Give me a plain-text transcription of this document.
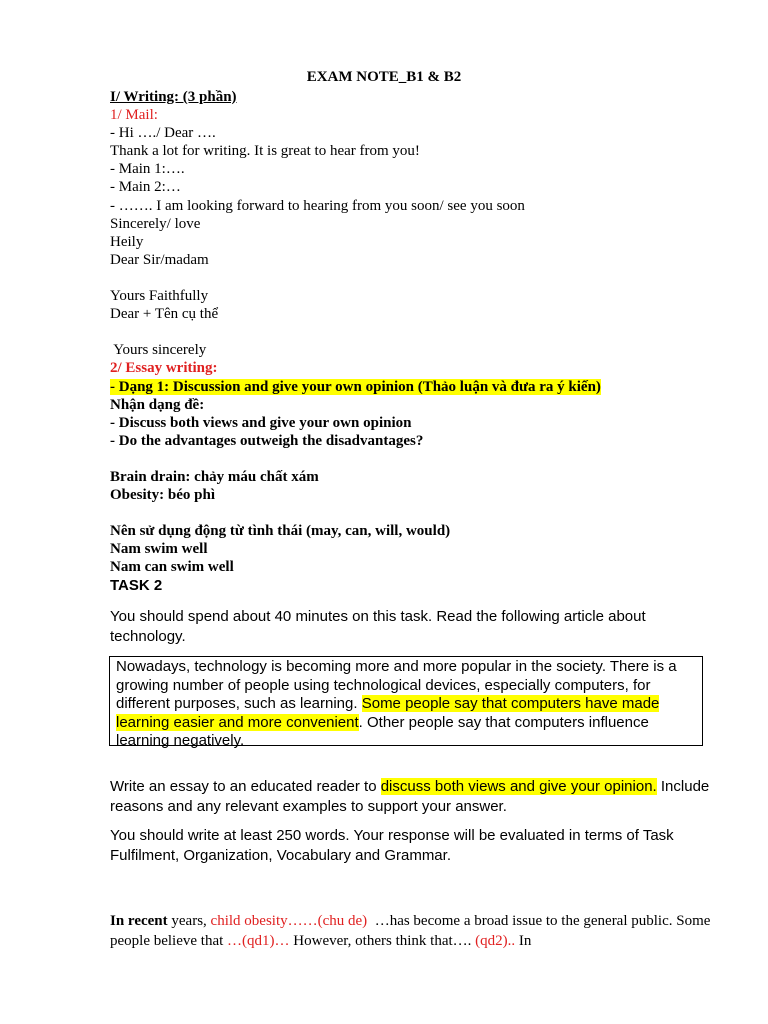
EXAM NOTE_B1 & B2
I/ Writing: (3 phần)
1/ Mail:
- Hi …./ Dear ….
Thank a lot for writing. It is great to hear from you!
- Main 1:….
- Main 2:…
- ……. I am looking forward to hearing from you soon/ see you soon
Sincerely/ love
Heily
Dear Sir/madam
Yours Faithfully
Dear + Tên cụ thể
Yours sincerely
2/ Essay writing:
- Dạng 1: Discussion and give your own opinion (Thảo luận và đưa ra ý kiến)
Nhận dạng đề:
- Discuss both views and give your own opinion
- Do the advantages outweigh the disadvantages?
Brain drain: chảy máu chất xám
Obesity: béo phì
Nên sử dụng động từ tình thái (may, can, will, would)
Nam swim well
Nam can swim well
TASK 2
You should spend about 40 minutes on this task. Read the following article about technology.

Nowadays, technology is becoming more and more popular in the society. There is a growing number of people using technological devices, especially computers, for different purposes, such as learning. Some people say that computers have made learning easier and more convenient. Other people say that computers influence learning negatively.

Write an essay to an educated reader to discuss both views and give your opinion. Include reasons and any relevant examples to support your answer.
You should write at least 250 words. Your response will be evaluated in terms of Task Fulfilment, Organization, Vocabulary and Grammar.
In recent years, child obesity……(chu de)  …has become a broad issue to the general public. Some people believe that …(qd1)… However, others think that…. (qd2).. In
